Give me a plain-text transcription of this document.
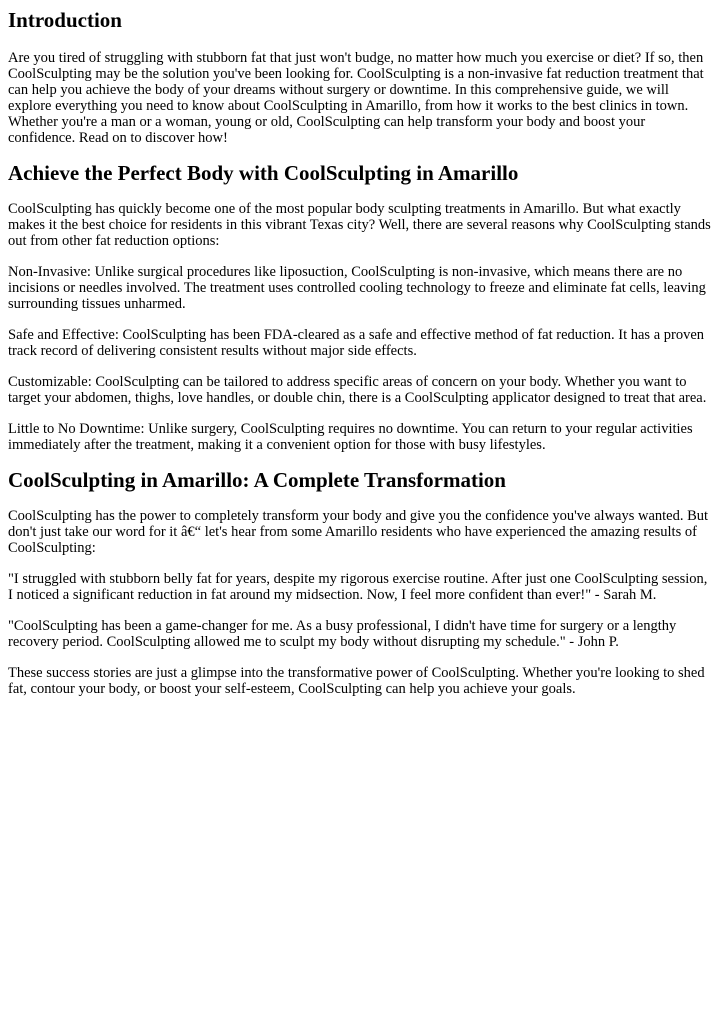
Introduction

Are you tired of struggling with stubborn fat that just won't budge, no matter how much you exercise or diet? If so, then CoolSculpting may be the solution you've been looking for. CoolSculpting is a non-invasive fat reduction treatment that can help you achieve the body of your dreams without surgery or downtime. In this comprehensive guide, we will explore everything you need to know about CoolSculpting in Amarillo, from how it works to the best clinics in town. Whether you're a man or a woman, young or old, CoolSculpting can help transform your body and boost your confidence. Read on to discover how!

Achieve the Perfect Body with CoolSculpting in Amarillo

CoolSculpting has quickly become one of the most popular body sculpting treatments in Amarillo. But what exactly makes it the best choice for residents in this vibrant Texas city? Well, there are several reasons why CoolSculpting stands out from other fat reduction options:

Non-Invasive: Unlike surgical procedures like liposuction, CoolSculpting is non-invasive, which means there are no incisions or needles involved. The treatment uses controlled cooling technology to freeze and eliminate fat cells, leaving surrounding tissues unharmed.

Safe and Effective: CoolSculpting has been FDA-cleared as a safe and effective method of fat reduction. It has a proven track record of delivering consistent results without major side effects.

Customizable: CoolSculpting can be tailored to address specific areas of concern on your body. Whether you want to target your abdomen, thighs, love handles, or double chin, there is a CoolSculpting applicator designed to treat that area.

Little to No Downtime: Unlike surgery, CoolSculpting requires no downtime. You can return to your regular activities immediately after the treatment, making it a convenient option for those with busy lifestyles.

CoolSculpting in Amarillo: A Complete Transformation

CoolSculpting has the power to completely transform your body and give you the confidence you've always wanted. But don't just take our word for it â€“ let's hear from some Amarillo residents who have experienced the amazing results of CoolSculpting:

"I struggled with stubborn belly fat for years, despite my rigorous exercise routine. After just one CoolSculpting session, I noticed a significant reduction in fat around my midsection. Now, I feel more confident than ever!" - Sarah M.

"CoolSculpting has been a game-changer for me. As a busy professional, I didn't have time for surgery or a lengthy recovery period. CoolSculpting allowed me to sculpt my body without disrupting my schedule." - John P.

These success stories are just a glimpse into the transformative power of CoolSculpting. Whether you're looking to shed fat, contour your body, or boost your self-esteem, CoolSculpting can help you achieve your goals.
